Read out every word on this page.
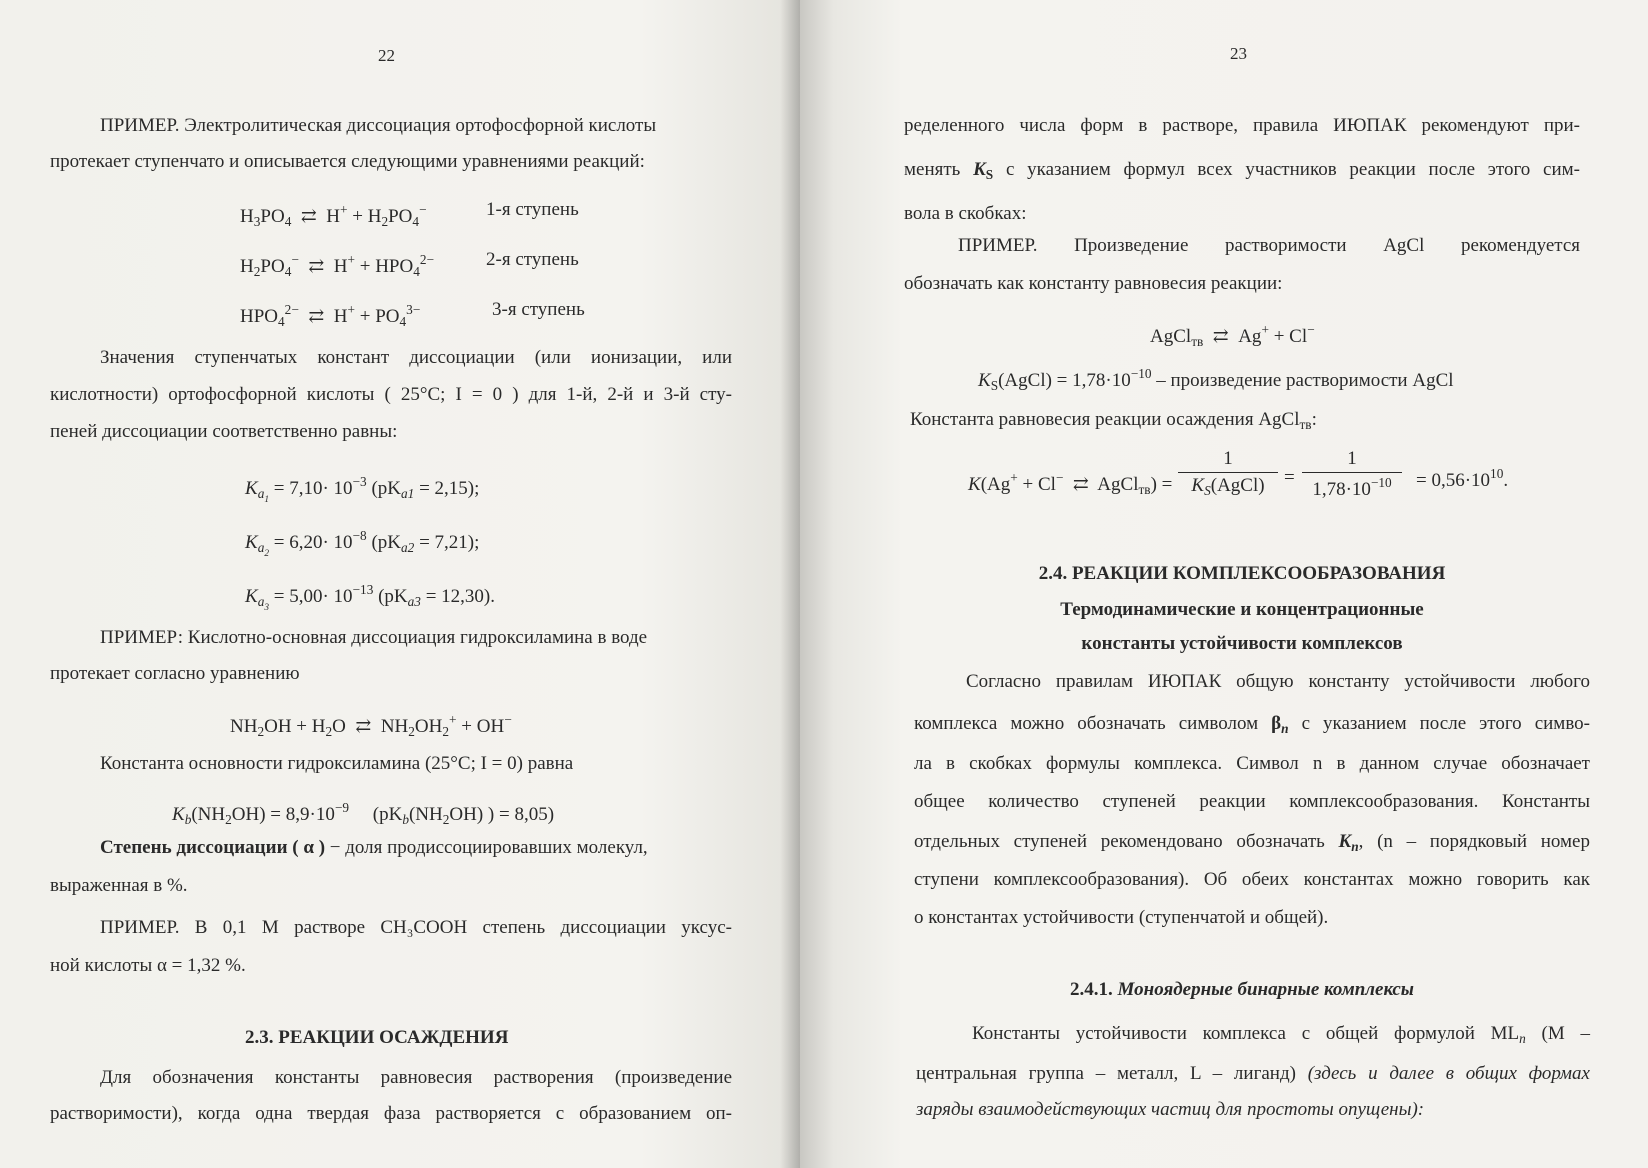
22
ПРИМЕР. Электролитическая диссоциация ортофосфорной кислоты
протекает ступенчато и описывается следующими уравнениями реакций:
$H_3PO_4$ ⇄ $H^+ + H_2PO_4^-$	1-я ступень
$H_2PO_4^-$ ⇄ $H^+ + HPO_4^{2-}$	2-я ступень
$HPO_4^{2-}$ ⇄ $H^+ + PO_4^{3-}$	3-я ступень
Значения ступенчатых констант диссоциации (или ионизации, или
кислотности) ортофосфорной кислоты ( 25°C; I = 0 ) для 1-й, 2-й и 3-й сту-
пеней диссоциации соответственно равны:
$K_{a_1} = 7,10\cdot 10^{-3}$ $(pK_{a1} = 2,15)$;
$K_{a_2} = 6,20\cdot 10^{-8}$ $(pK_{a2} = 7,21)$;
$K_{a_3} = 5,00\cdot 10^{-13}$ $(pK_{a3} = 12,30)$.
ПРИМЕР: Кислотно-основная диссоциация гидроксиламина в воде
протекает согласно уравнению
$NH_2OH + H_2O$ ⇄ $NH_2OH_2^+ + OH^-$
Константа основности гидроксиламина (25°C; I = 0) равна
$K_b(NH_2OH) = 8,9\cdot 10^{-9}$ ($pK_b(NH_2OH)$ ) = 8,05)
Степень диссоциации ( α ) − доля продиссоциировавших молекул,
выраженная в %.
ПРИМЕР. В 0,1 М растворе CH₃COOH степень диссоциации уксус-
ной кислоты α = 1,32 %.
2.3. РЕАКЦИИ ОСАЖДЕНИЯ
Для обозначения константы равновесия растворения (произведение
растворимости), когда одна твердая фаза растворяется с образованием оп-
23
ределенного числа форм в растворе, правила ИЮПАК рекомендуют при-
менять $K_S$ с указанием формул всех участников реакции после этого сим-
вола в скобках:
ПРИМЕР. Произведение растворимости AgCl рекомендуется
обозначать как константу равновесия реакции:
AgCl$_{тв}$ ⇄ Ag+ + Cl−
$K_S(AgCl) = 1,78\cdot 10^{-10}$ – произведение растворимости AgCl
Константа равновесия реакции осаждения AgCl$_{тв}$:
K(Ag+ + Cl− ⇄ AgCl$_{тв}$) =
1
$K_S(AgCl)$	=
1
$1,78\cdot 10^{-10}$	= $0,56\cdot 10^{10}$.
2.4. РЕАКЦИИ КОМПЛЕКСООБРАЗОВАНИЯ
Термодинамические и концентрационные
константы устойчивости комплексов
Согласно правилам ИЮПАК общую константу устойчивости любого
комплекса можно обозначать символом $\beta_n$ с указанием после этого симво-
ла в скобках формулы комплекса. Символ n в данном случае обозначает
общее количество ступеней реакции комплексообразования. Константы
отдельных ступеней рекомендовано обозначать $K_n$, (n – порядковый номер
ступени комплексообразования). Об обеих константах можно говорить как
о константах устойчивости (ступенчатой и общей).
2.4.1. Моноядерные бинарные комплексы
Константы устойчивости комплекса с общей формулой $ML_n$ (M –
центральная группа – металл, L – лиганд) (здесь и далее в общих формах
заряды взаимодействующих частиц для простоты опущены):
